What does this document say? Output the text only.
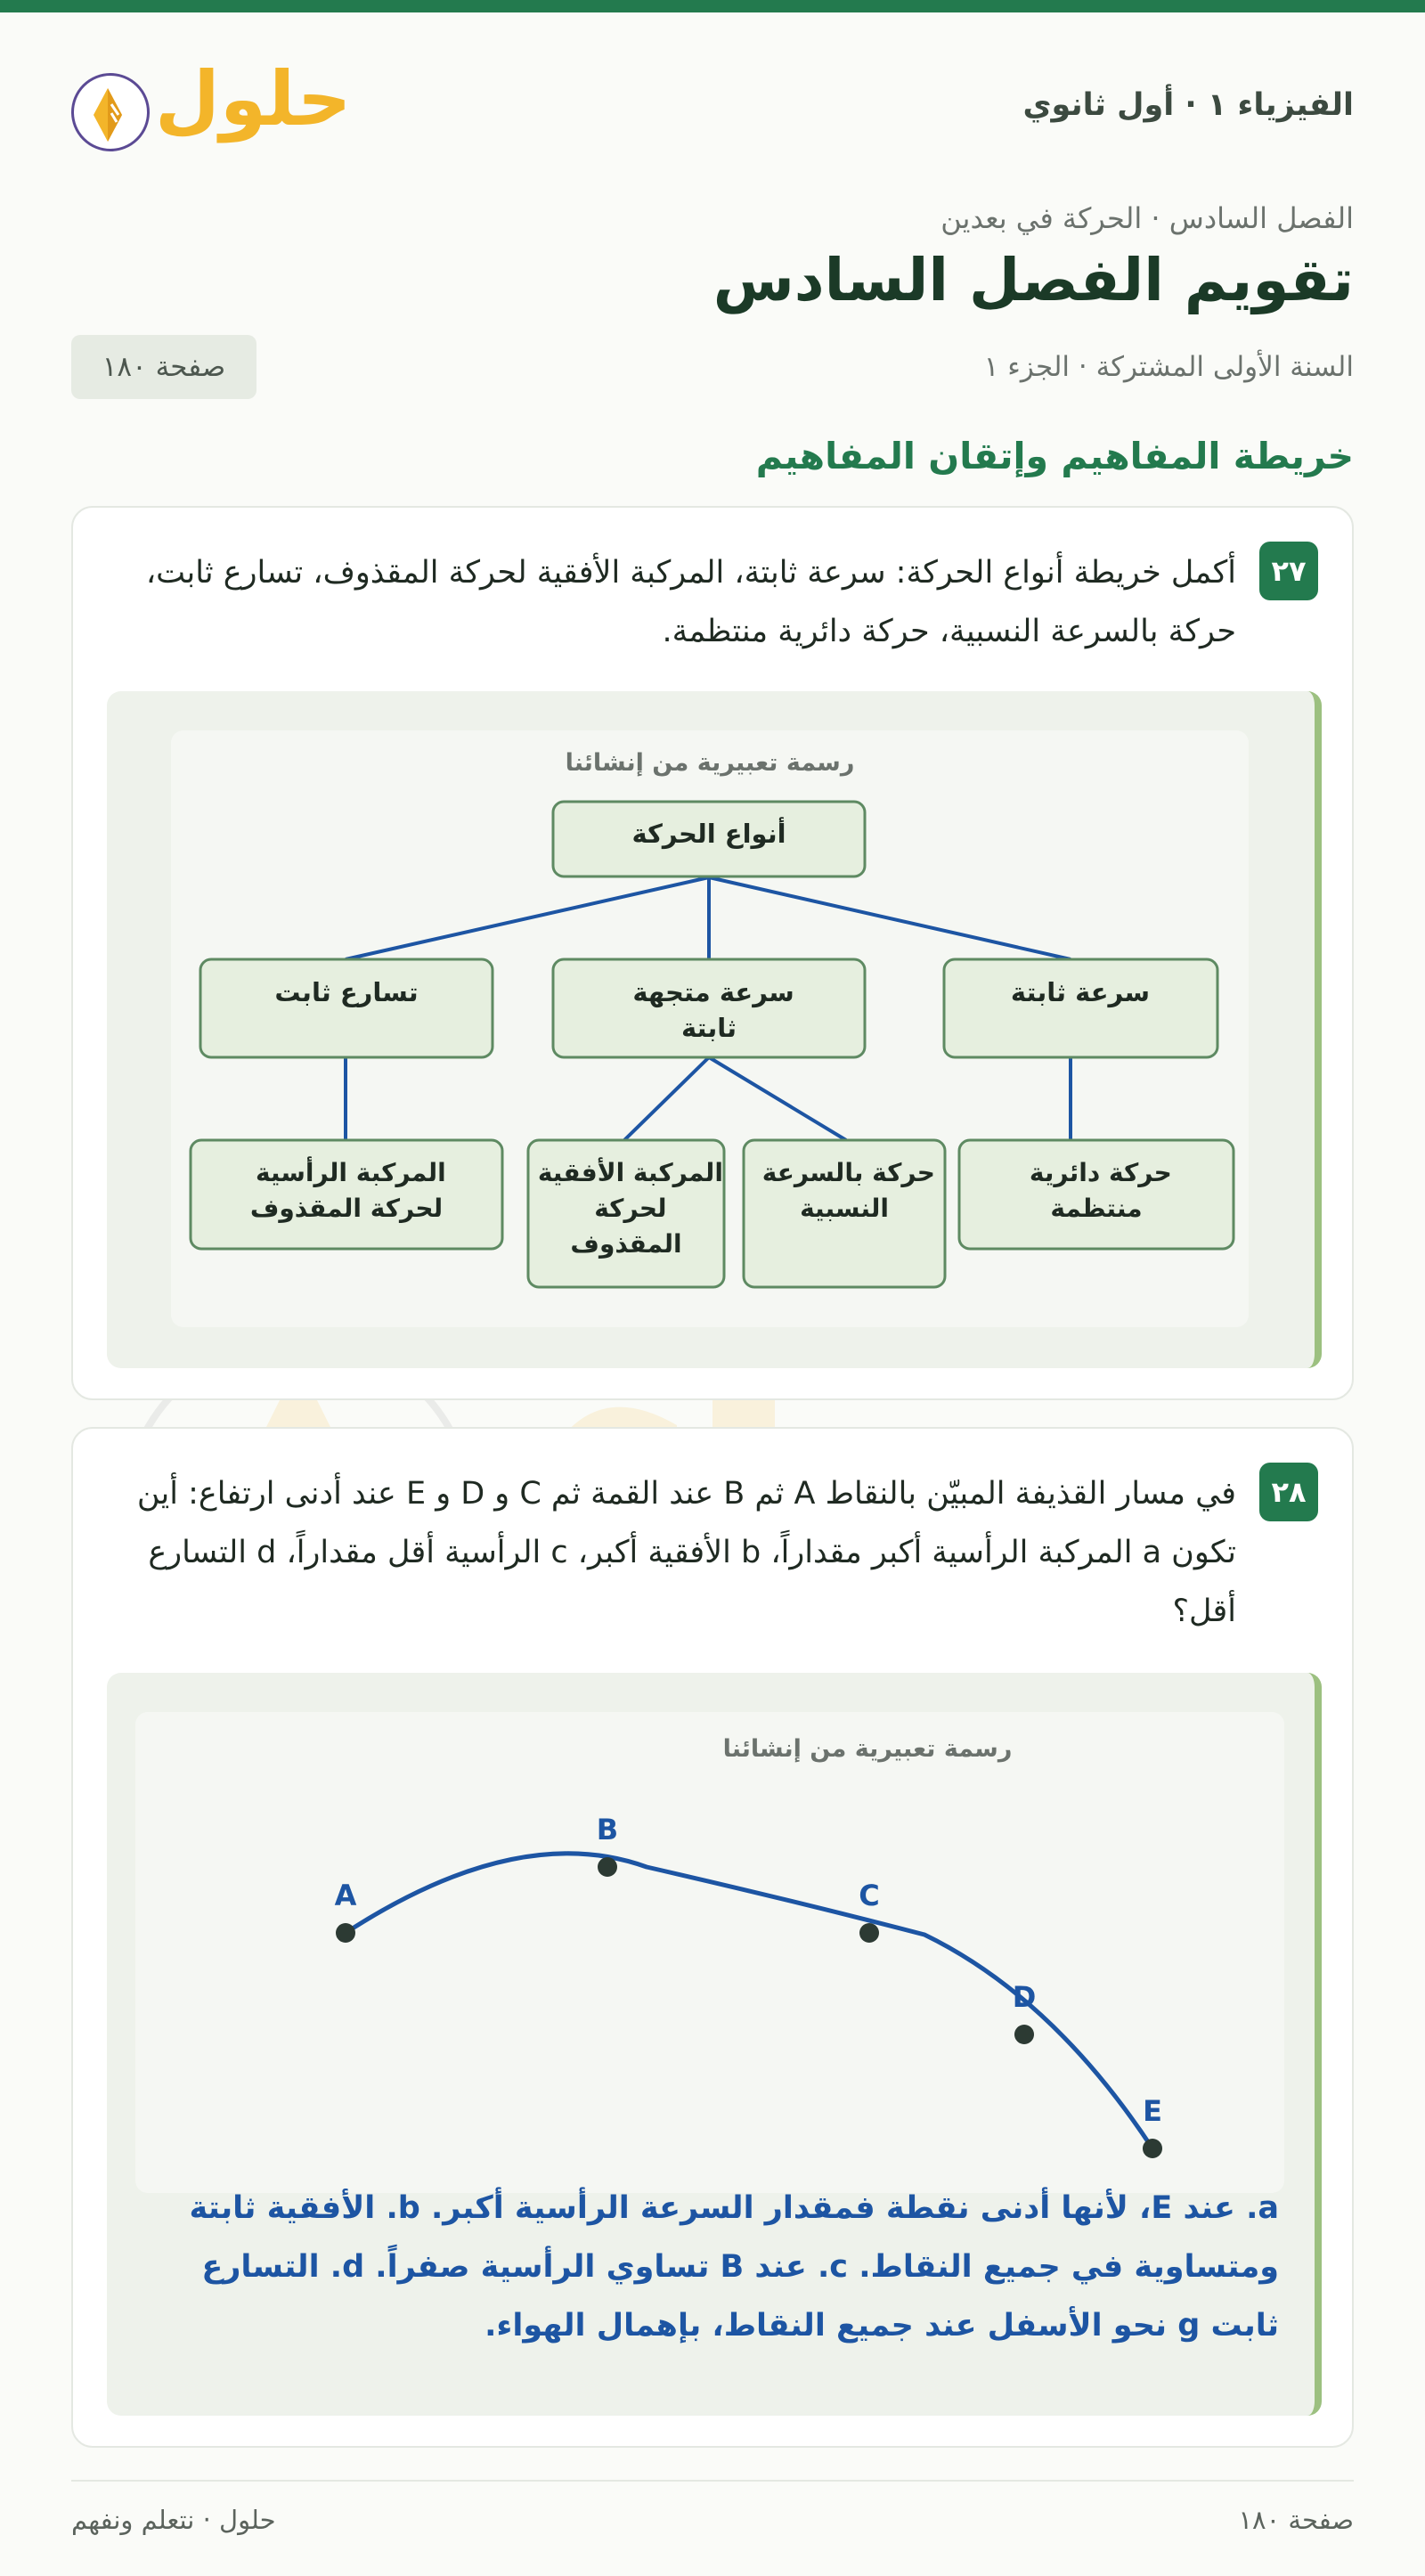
الفيزياء ١ · أول ثانوي
حلول
الفصل السادس · الحركة في بعدين
تقويم الفصل السادس
السنة الأولى المشتركة · الجزء ١
صفحة ١٨٠
خريطة المفاهيم وإتقان المفاهيم
٢٧
أكمل خريطة أنواع الحركة: سرعة ثابتة، المركبة الأفقية لحركة المقذوف، تسارع ثابت، حركة بالسرعة النسبية، حركة دائرية منتظمة.
رسمة تعبيرية من إنشائنا
أنواع الحركة
تسارع ثابت	سرعة متجهة ثابتة
سرعة ثابتة
المركبة الرأسية لحركة المقذوف
المركبة الأفقية لحركة المقذوف
حركة بالسرعة النسبية
حركة دائرية منتظمة
٢٨
في مسار القذيفة المبيّن بالنقاط A ثم B عند القمة ثم C و D و E عند أدنى ارتفاع: أين تكون a المركبة الرأسية أكبر مقداراً، b الأفقية أكبر، c الرأسية أقل مقداراً، d التسارع أقل؟
رسمة تعبيرية من إنشائنا
A
B
C
D
E
a. عند E، لأنها أدنى نقطة فمقدار السرعة الرأسية أكبر. b. الأفقية ثابتة ومتساوية في جميع النقاط. c. عند B تساوي الرأسية صفراً. d. التسارع ثابت g نحو الأسفل عند جميع النقاط، بإهمال الهواء.
صفحة ١٨٠
حلول · نتعلم ونفهم
